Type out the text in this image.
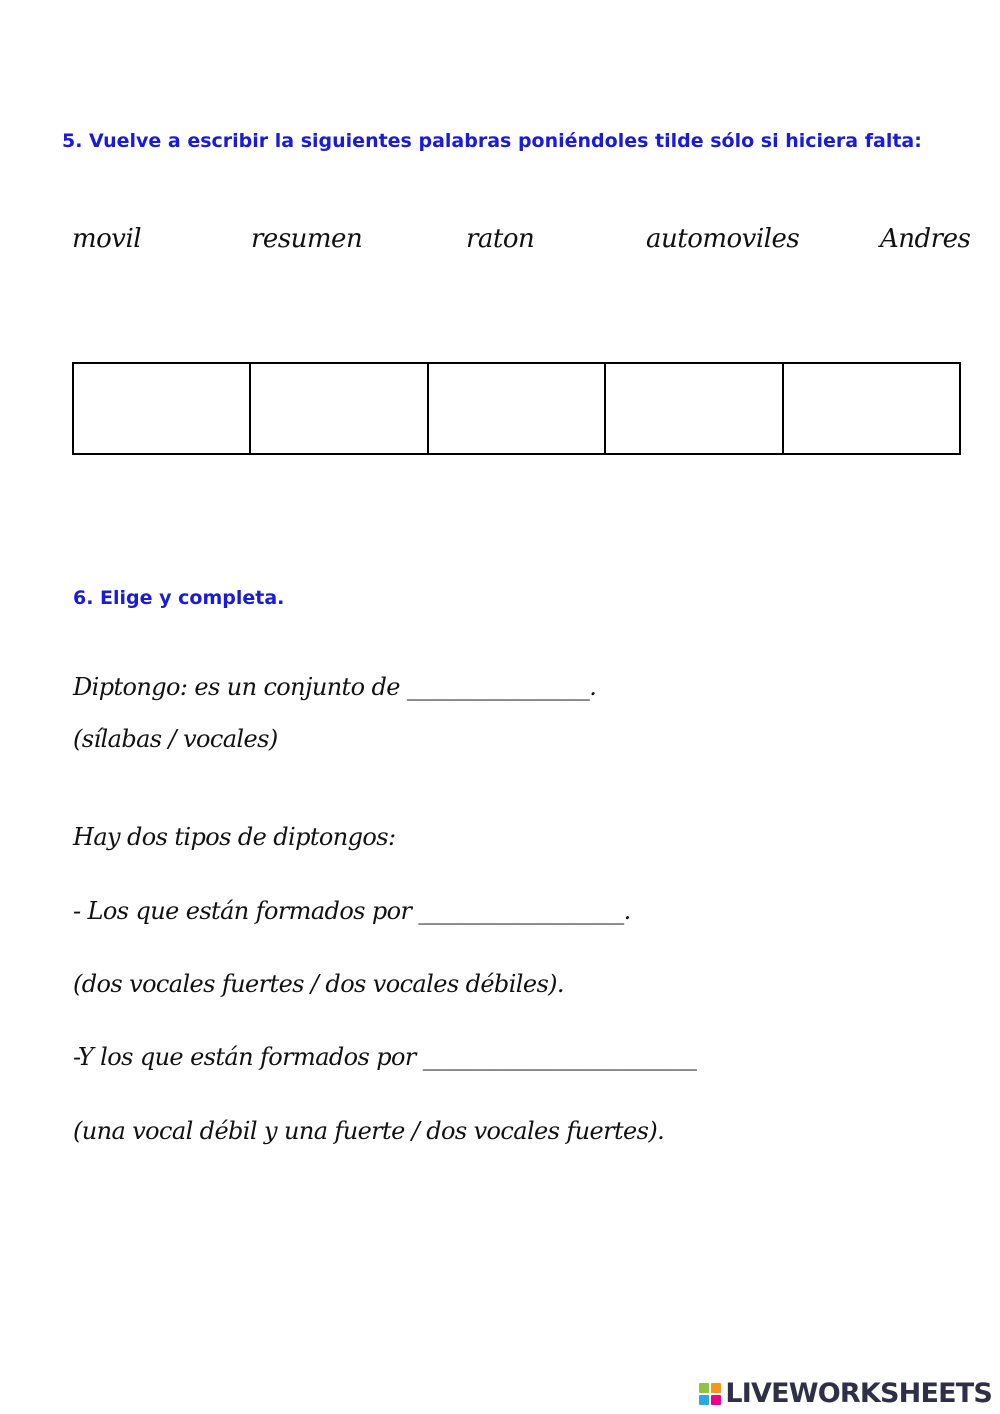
5. Vuelve a escribir la siguientes palabras poniéndoles tilde sólo si hiciera falta:

movil	resumen	raton	automoviles	Andres

6. Elige y completa.

Diptongo: es un conjunto de ________________.

(sílabas / vocales)

Hay dos tipos de diptongos:

- Los que están formados por __________________.

(dos vocales fuertes / dos vocales débiles).

-Y los que están formados por ________________________

(una vocal débil y una fuerte / dos vocales fuertes).

LIVEWORKSHEETS
